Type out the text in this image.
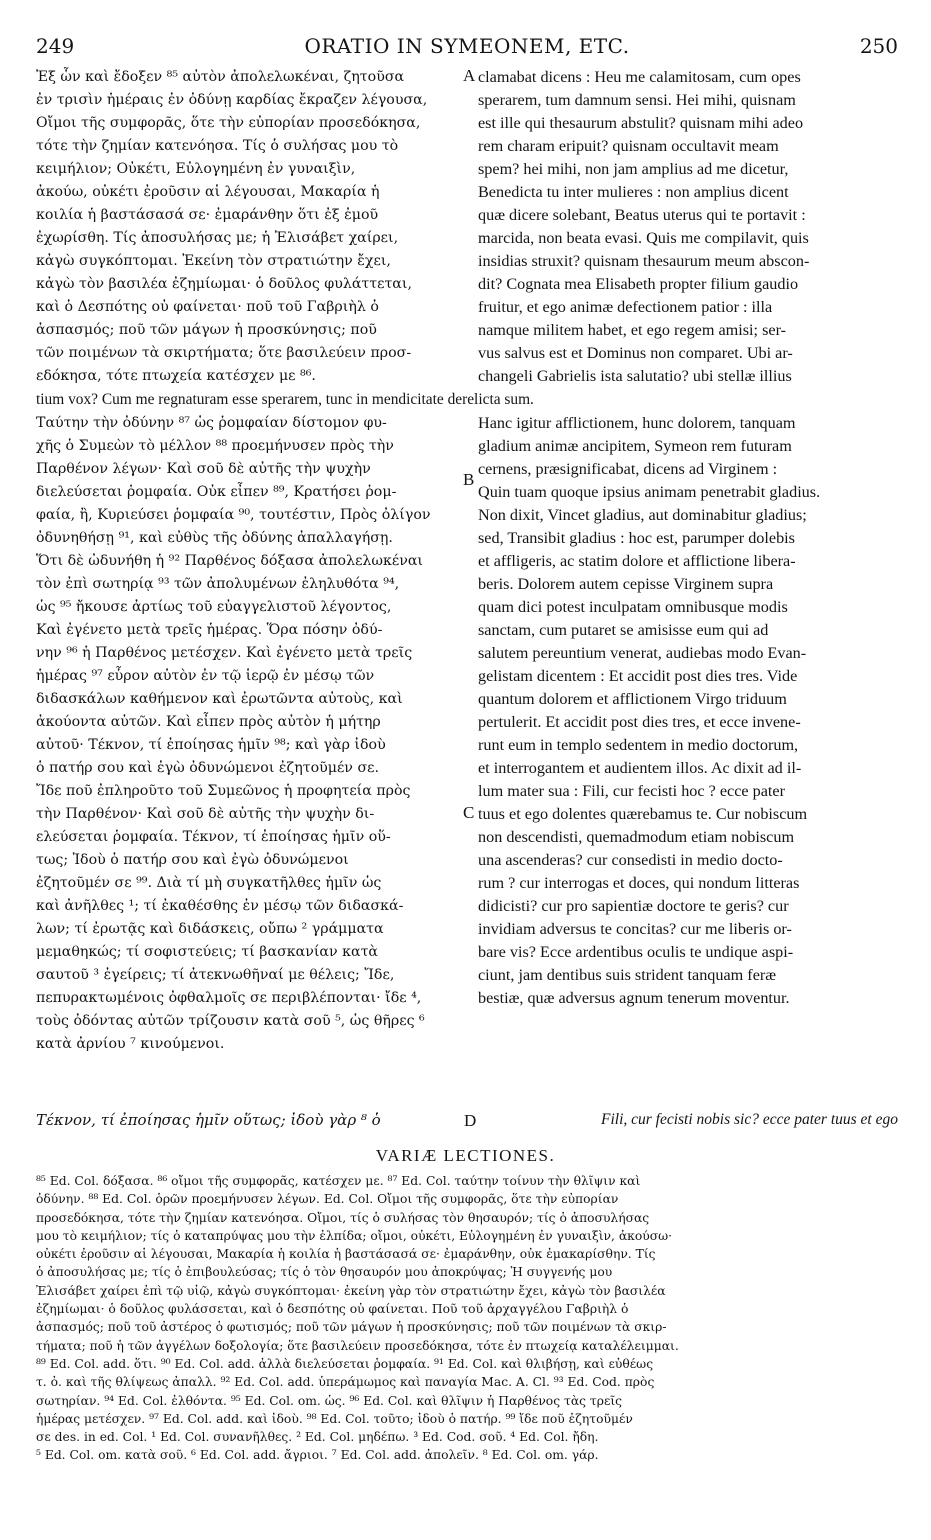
249	ORATIO IN SYMEONEM, ETC.	250
Ἐξ ὧν καὶ ἔδοξεν ⁸⁵ αὐτὸν ἀπολελωκέναι, ζητοῦσα
ἐν τρισὶν ἡμέραις ἐν ὀδύνῃ καρδίας ἔκραζεν λέγουσα,
Οἴμοι τῆς συμφορᾶς, ὅτε τὴν εὐπορίαν προσεδόκησα,
τότε τὴν ζημίαν κατενόησα. Τίς ὁ συλήσας μου τὸ
κειμήλιον; Οὐκέτι, Εὐλογημένη ἐν γυναιξὶν,
ἀκούω, οὐκέτι ἐροῦσιν αἱ λέγουσαι, Μακαρία ἡ
κοιλία ἡ βαστάσασά σε· ἐμαράνθην ὅτι ἐξ ἐμοῦ
ἐχωρίσθη. Τίς ἀποσυλήσας με; ἡ Ἐλισάβετ χαίρει,
κἀγὼ συγκόπτομαι. Ἐκείνη τὸν στρατιώτην ἔχει,
κἀγὼ τὸν βασιλέα ἐζημίωμαι· ὁ δοῦλος φυλάττεται,
καὶ ὁ Δεσπότης οὐ φαίνεται· ποῦ τοῦ Γαβριὴλ ὁ
ἀσπασμός; ποῦ τῶν μάγων ἡ προσκύνησις; ποῦ
τῶν ποιμένων τὰ σκιρτήματα; ὅτε βασιλεύειν προσ-
εδόκησα, τότε πτωχεία κατέσχεν με ⁸⁶.
clamabat dicens : Heu me calamitosam, cum opes
sperarem, tum damnum sensi. Hei mihi, quisnam
est ille qui thesaurum abstulit? quisnam mihi adeo
rem charam eripuit? quisnam occultavit meam
spem? hei mihi, non jam amplius ad me dicetur,
Benedicta tu inter mulieres : non amplius dicent
quæ dicere solebant, Beatus uterus qui te portavit :
marcida, non beata evasi. Quis me compilavit, quis
insidias struxit? quisnam thesaurum meum abscon-
dit? Cognata mea Elisabeth propter filium gaudio
fruitur, et ego animæ defectionem patior : illa
namque militem habet, et ego regem amisi; ser-
vus salvus est et Dominus non comparet. Ubi ar-
changeli Gabrielis ista salutatio? ubi stellæ illius
A
tium vox? Cum me regnaturam esse sperarem, tunc in mendicitate derelicta sum.
Ταύτην τὴν ὀδύνην ⁸⁷ ὡς ῥομφαίαν δίστομον φυ-
χῆς ὁ Συμεὼν τὸ μέλλον ⁸⁸ προεμήνυσεν πρὸς τὴν
Παρθένον λέγων· Καὶ σοῦ δὲ αὐτῆς τὴν ψυχὴν
διελεύσεται ῥομφαία. Οὐκ εἶπεν ⁸⁹, Κρατήσει ῥομ-
φαία, ἢ, Κυριεύσει ῥομφαία ⁹⁰, τουτέστιν, Πρὸς ὀλίγον
ὀδυνηθήσῃ ⁹¹, καὶ εὐθὺς τῆς ὀδύνης ἀπαλλαγήσῃ.
Ὅτι δὲ ὠδυνήθη ἡ ⁹² Παρθένος δόξασα ἀπολελωκέναι
τὸν ἐπὶ σωτηρίᾳ ⁹³ τῶν ἀπολυμένων ἐληλυθότα ⁹⁴,
ὡς ⁹⁵ ἤκουσε ἀρτίως τοῦ εὐαγγελιστοῦ λέγοντος,
Καὶ ἐγένετο μετὰ τρεῖς ἡμέρας. Ὅρα πόσην ὀδύ-
νην ⁹⁶ ἡ Παρθένος μετέσχεν. Καὶ ἐγένετο μετὰ τρεῖς
ἡμέρας ⁹⁷ εὗρον αὐτὸν ἐν τῷ ἱερῷ ἐν μέσῳ τῶν
διδασκάλων καθήμενον καὶ ἐρωτῶντα αὐτοὺς, καὶ
ἀκούοντα αὐτῶν. Καὶ εἶπεν πρὸς αὐτὸν ἡ μήτηρ
αὐτοῦ· Τέκνον, τί ἐποίησας ἡμῖν ⁹⁸; καὶ γὰρ ἰδοὺ
ὁ πατήρ σου καὶ ἐγὼ ὀδυνώμενοι ἐζητοῦμέν σε.
Ἴδε ποῦ ἐπληροῦτο τοῦ Συμεῶνος ἡ προφητεία πρὸς
τὴν Παρθένον· Καὶ σοῦ δὲ αὐτῆς τὴν ψυχὴν δι-
ελεύσεται ῥομφαία. Τέκνον, τί ἐποίησας ἡμῖν οὕ-
τως; Ἰδοὺ ὁ πατήρ σου καὶ ἐγὼ ὀδυνώμενοι
ἐζητοῦμέν σε ⁹⁹. Διὰ τί μὴ συγκατῆλθες ἡμῖν ὡς
καὶ ἀνῆλθες ¹; τί ἐκαθέσθης ἐν μέσῳ τῶν διδασκά-
λων; τί ἐρωτᾷς καὶ διδάσκεις, οὔπω ² γράμματα
μεμαθηκώς; τί σοφιστεύεις; τί βασκανίαν κατὰ
σαυτοῦ ³ ἐγείρεις; τί ἀτεκνωθῆναί με θέλεις; Ἴδε,
πεπυρακτωμένοις ὀφθαλμοῖς σε περιβλέπονται· ἴδε ⁴,
τοὺς ὀδόντας αὐτῶν τρίζουσιν κατὰ σοῦ ⁵, ὡς θῆρες ⁶
κατὰ ἀρνίου ⁷ κινούμενοι.
Hanc igitur afflictionem, hunc dolorem, tanquam
gladium animæ ancipitem, Symeon rem futuram
cernens, præsignificabat, dicens ad Virginem :
Quin tuam quoque ipsius animam penetrabit gladius.
Non dixit, Vincet gladius, aut dominabitur gladius;
sed, Transibit gladius : hoc est, parumper dolebis
et affligeris, ac statim dolore et afflictione libera-
beris. Dolorem autem cepisse Virginem supra
quam dici potest inculpatam omnibusque modis
sanctam, cum putaret se amisisse eum qui ad
salutem pereuntium venerat, audiebas modo Evan-
gelistam dicentem : Et accidit post dies tres. Vide
quantum dolorem et afflictionem Virgo triduum
pertulerit. Et accidit post dies tres, et ecce invene-
runt eum in templo sedentem in medio doctorum,
et interrogantem et audientem illos. Ac dixit ad il-
lum mater sua : Fili, cur fecisti hoc ? ecce pater
tuus et ego dolentes quærebamus te. Cur nobiscum
non descendisti, quemadmodum etiam nobiscum
una ascenderas? cur consedisti in medio docto-
rum ? cur interrogas et doces, qui nondum litteras
didicisti? cur pro sapientiæ doctore te geris? cur
invidiam adversus te concitas? cur me liberis or-
bare vis? Ecce ardentibus oculis te undique aspi-
ciunt, jam dentibus suis strident tanquam feræ
bestiæ, quæ adversus agnum tenerum moventur.
B
C
Τέκνον, τί ἐποίησας ἡμῖν οὕτως; ἰδοὺ γὰρ ⁸ ὁ	D	Fili, cur fecisti nobis sic? ecce pater tuus et ego
VARIÆ LECTIONES.
⁸⁵ Ed. Col. δόξασα. ⁸⁶ οἴμοι τῆς συμφορᾶς, κατέσχεν με. ⁸⁷ Ed. Col. ταύτην τοίνυν τὴν θλῖψιν καὶ
ὀδύνην. ⁸⁸ Ed. Col. ὁρῶν προεμήνυσεν λέγων. Ed. Col. Οἴμοι τῆς συμφορᾶς, ὅτε τὴν εὐπορίαν
προσεδόκησα, τότε τὴν ζημίαν κατενόησα. Οἴμοι, τίς ὁ συλήσας τὸν θησαυρόν; τίς ὁ ἀποσυλήσας
μου τὸ κειμήλιον; τίς ὁ καταπρύψας μου τὴν ἐλπίδα; οἴμοι, οὐκέτι, Εὐλογημένη ἐν γυναιξὶν, ἀκούσω·
οὐκέτι ἐροῦσιν αἱ λέγουσαι, Μακαρία ἡ κοιλία ἡ βαστάσασά σε· ἐμαράνθην, οὐκ ἐμακαρίσθην. Τίς
ὁ ἀποσυλήσας με; τίς ὁ ἐπιβουλεύσας; τίς ὁ τὸν θησαυρόν μου ἀποκρύψας; Ἡ συγγενής μου
Ἐλισάβετ χαίρει ἐπὶ τῷ υἱῷ, κἀγὼ συγκόπτομαι· ἐκείνη γὰρ τὸν στρατιώτην ἔχει, κἀγὼ τὸν βασιλέα
ἐζημίωμαι· ὁ δοῦλος φυλάσσεται, καὶ ὁ δεσπότης οὐ φαίνεται. Ποῦ τοῦ ἀρχαγγέλου Γαβριὴλ ὁ
ἀσπασμός; ποῦ τοῦ ἀστέρος ὁ φωτισμός; ποῦ τῶν μάγων ἡ προσκύνησις; ποῦ τῶν ποιμένων τὰ σκιρ-
τήματα; ποῦ ἡ τῶν ἀγγέλων δοξολογία; ὅτε βασιλεύειν προσεδόκησα, τότε ἐν πτωχείᾳ καταλέλειμμαι.
⁸⁹ Ed. Col. add. ὅτι. ⁹⁰ Ed. Col. add. ἀλλὰ διελεύσεται ῥομφαία. ⁹¹ Ed. Col. καὶ θλιβήσῃ, καὶ εὐθέως
τ. ὀ. καὶ τῆς θλίψεως ἀπαλλ. ⁹² Ed. Col. add. ὑπεράμωμος καὶ παναγία Mac. A. Cl. ⁹³ Ed. Cod. πρὸς
σωτηρίαν. ⁹⁴ Ed. Col. ἐλθόντα. ⁹⁵ Ed. Col. om. ὡς. ⁹⁶ Ed. Col. καὶ θλῖψιν ἡ Παρθένος τὰς τρεῖς
ἡμέρας μετέσχεν. ⁹⁷ Ed. Col. add. καὶ ἰδοὺ. ⁹⁸ Ed. Col. τοῦτο; ἰδοὺ ὁ πατήρ. ⁹⁹ ἴδε ποῦ ἐζητοῦμέν
σε des. in ed. Col. ¹ Ed. Col. συνανῆλθες. ² Ed. Col. μηδέπω. ³ Ed. Cod. σοῦ. ⁴ Ed. Col. ἤδη.
⁵ Ed. Col. om. κατὰ σοῦ. ⁶ Ed. Col. add. ἄγριοι. ⁷ Ed. Col. add. ἀπολεῖν. ⁸ Ed. Col. om. γάρ.
